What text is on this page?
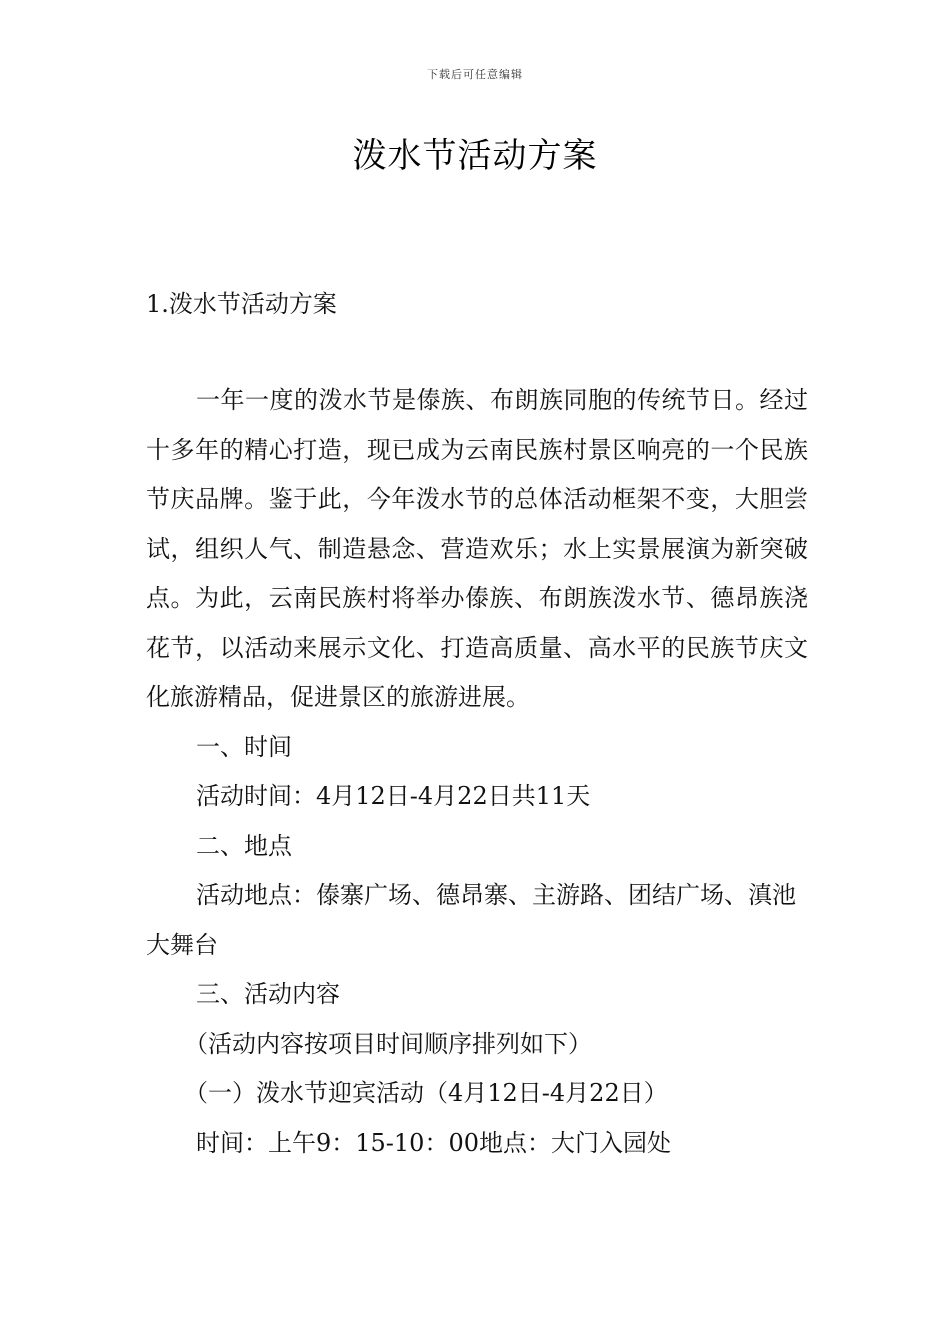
下载后可任意编辑
泼水节活动方案
1.泼水节活动方案

一年一度的泼水节是傣族、布朗族同胞的传统节日。经过十多年的精心打造，现已成为云南民族村景区响亮的一个民族节庆品牌。鉴于此，今年泼水节的总体活动框架不变，大胆尝试，组织人气、制造悬念、营造欢乐；水上实景展演为新突破点。为此，云南民族村将举办傣族、布朗族泼水节、德昂族浇花节，以活动来展示文化、打造高质量、高水平的民族节庆文化旅游精品，促进景区的旅游进展。

一、时间

活动时间：4月12日-4月22日共11天

二、地点

活动地点：傣寨广场、德昂寨、主游路、团结广场、滇池大舞台

三、活动内容

（活动内容按项目时间顺序排列如下）

（一）泼水节迎宾活动（4月12日-4月22日）

时间：上午9：15-10：00地点：大门入园处
